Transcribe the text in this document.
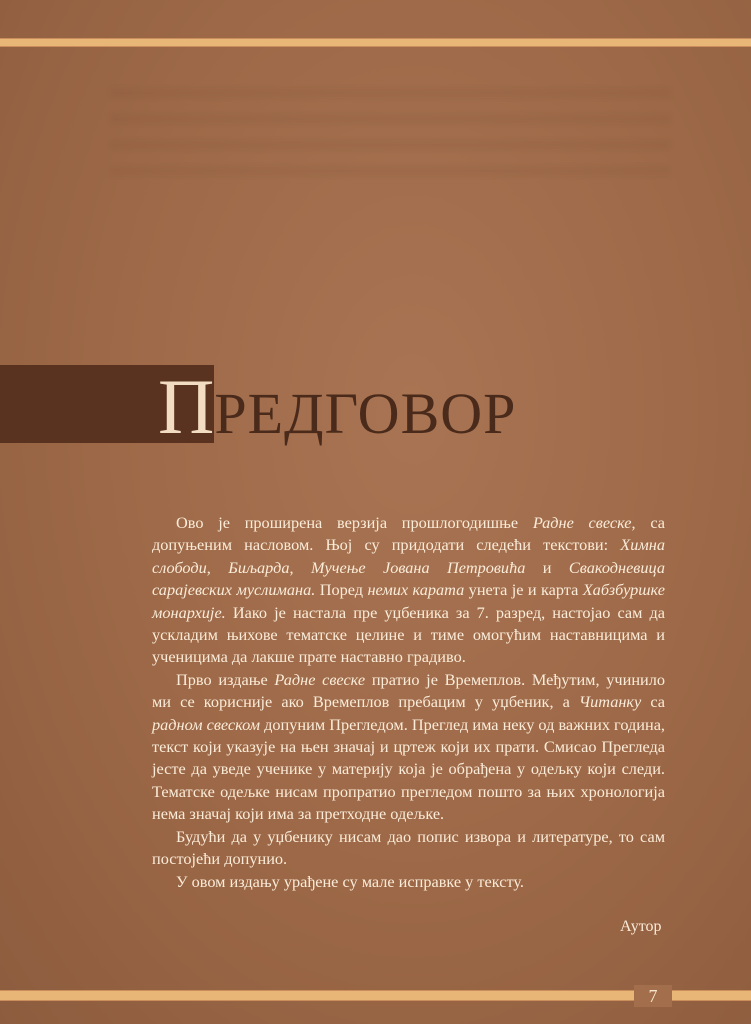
ПРЕДГОВОР

Ово је проширена верзија прошлогодишње Радне свеске, са допуњеним насловом. Њој су придодати следећи текстови: Химна слободи, Биљарда, Мучење Јована Петровића и Свакодневица сарајевских муслимана. Поред немих карата унета је и карта Хабзбуршке монархије. Иако је настала пре уџбеника за 7. разред, настојао сам да ускладим њихове тематске целине и тиме омогућим наставницима и ученицима да лакше прате наставно градиво.

Прво издање Радне свеске пратио је Времеплов. Међутим, учинило ми се корисније ако Времеплов пребацим у уџбеник, а Читанку са радном свеском допуним Прегледом. Преглед има неку од важних година, текст који указује на њен значај и цртеж који их прати. Смисао Прегледа јесте да уведе ученике у материју која је обрађена у одељку који следи. Тематске одељке нисам пропратио прегледом пошто за њих хронологија нема значај који има за претходне одељке.

Будући да у уџбенику нисам дао попис извора и литературе, то сам постојећи допунио.

У овом издању урађене су мале исправке у тексту.

Аутор
7
